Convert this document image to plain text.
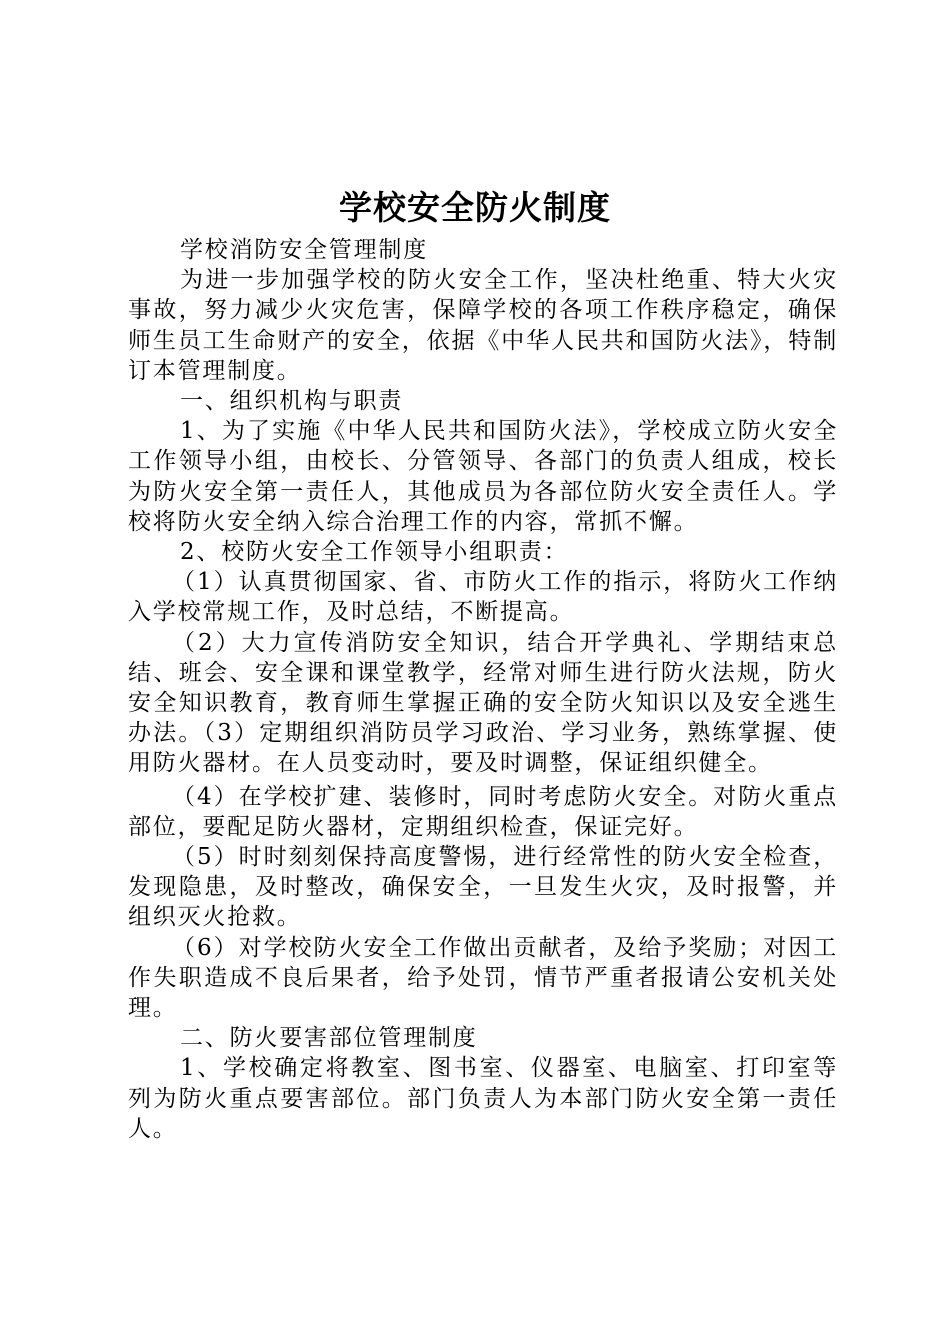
学校安全防火制度

学校消防安全管理制度

为进一步加强学校的防火安全工作，坚决杜绝重、特大火灾事故，努力减少火灾危害，保障学校的各项工作秩序稳定，确保师生员工生命财产的安全，依据《中华人民共和国防火法》，特制订本管理制度。

一、组织机构与职责

1、为了实施《中华人民共和国防火法》，学校成立防火安全工作领导小组，由校长、分管领导、各部门的负责人组成，校长为防火安全第一责任人，其他成员为各部位防火安全责任人。学校将防火安全纳入综合治理工作的内容，常抓不懈。

2、校防火安全工作领导小组职责：

（1）认真贯彻国家、省、市防火工作的指示，将防火工作纳入学校常规工作，及时总结，不断提高。

（2）大力宣传消防安全知识，结合开学典礼、学期结束总结、班会、安全课和课堂教学，经常对师生进行防火法规，防火安全知识教育，教育师生掌握正确的安全防火知识以及安全逃生办法。（3）定期组织消防员学习政治、学习业务，熟练掌握、使用防火器材。在人员变动时，要及时调整，保证组织健全。

（4）在学校扩建、装修时，同时考虑防火安全。对防火重点部位，要配足防火器材，定期组织检查，保证完好。

（5）时时刻刻保持高度警惕，进行经常性的防火安全检查，发现隐患，及时整改，确保安全，一旦发生火灾，及时报警，并组织灭火抢救。

（6）对学校防火安全工作做出贡献者，及给予奖励；对因工作失职造成不良后果者，给予处罚，情节严重者报请公安机关处理。

二、防火要害部位管理制度

1、学校确定将教室、图书室、仪器室、电脑室、打印室等列为防火重点要害部位。部门负责人为本部门防火安全第一责任人。
